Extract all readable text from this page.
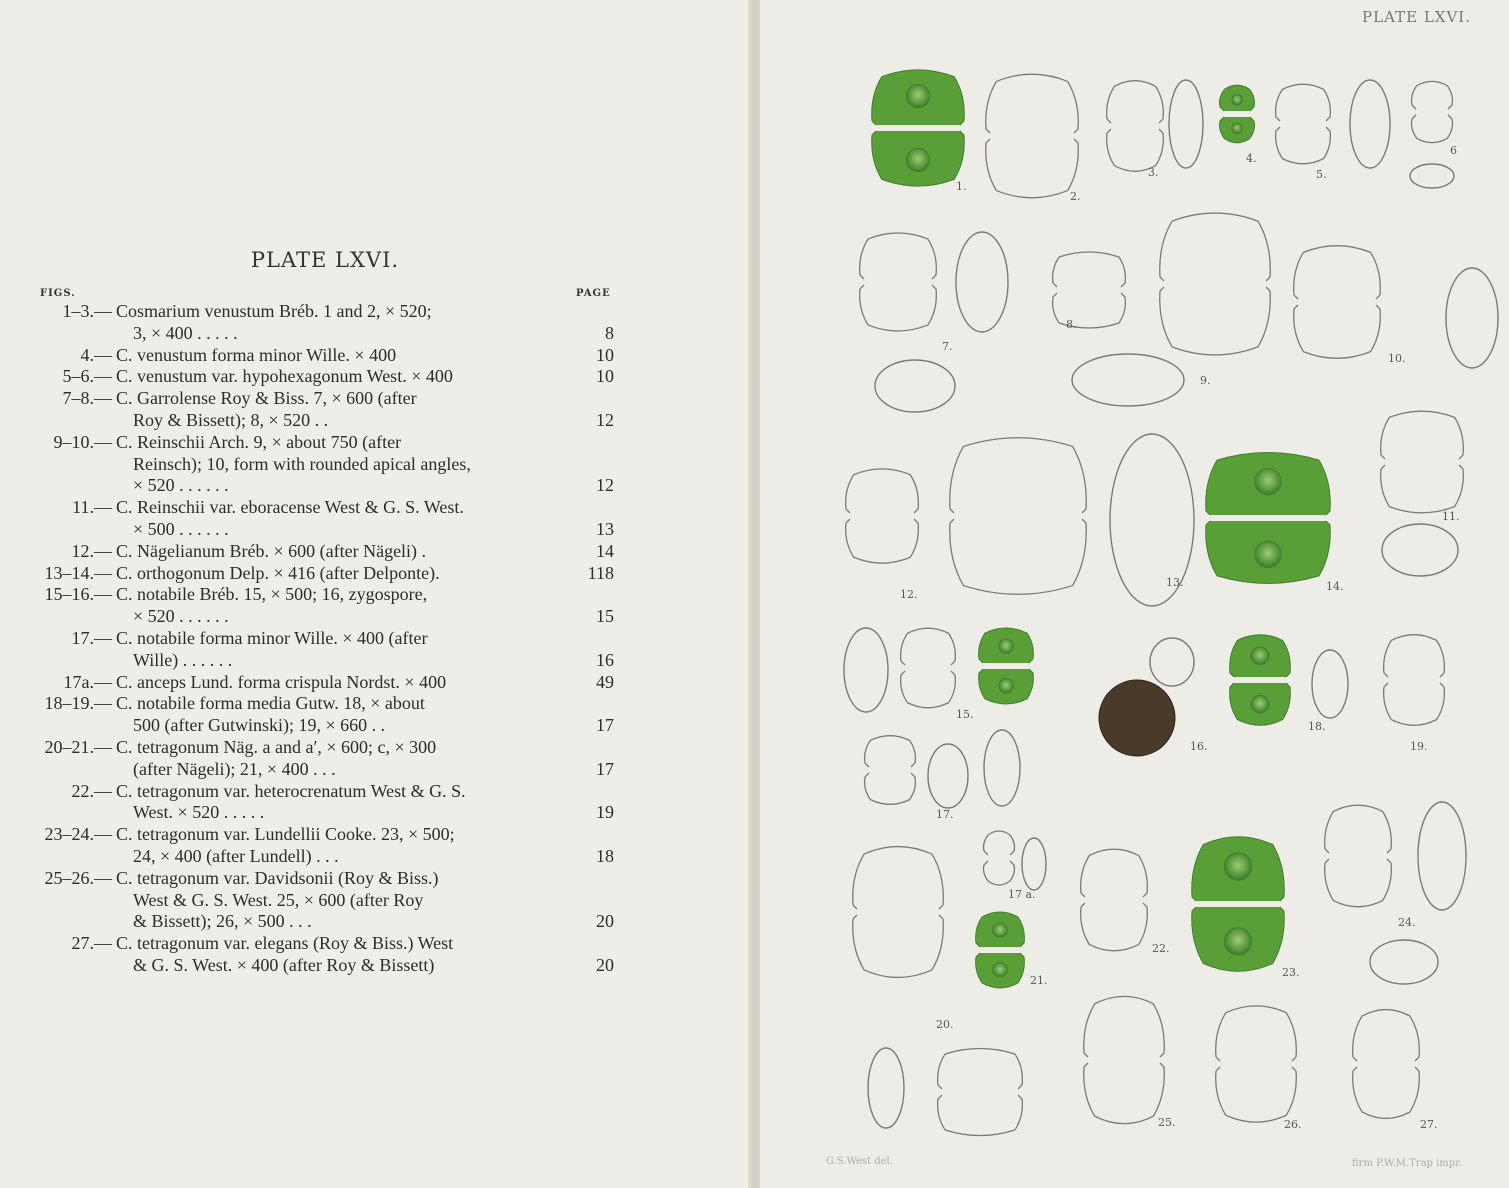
PLATE LXVI.
FIGS.	PAGE
1–3.— Cosmarium venustum Bréb. 1 and 2, × 520;
3, × 400 . . . . .	8
4.— C. venustum forma minor Wille. × 400	10
5–6.— C. venustum var. hypohexagonum West. × 400	10
7–8.— C. Garrolense Roy & Biss. 7, × 600 (after
Roy & Bissett); 8, × 520 . .	12
9–10.— C. Reinschii Arch. 9, × about 750 (after
Reinsch); 10, form with rounded apical angles,
× 520 . . . . . .	12
11.— C. Reinschii var. eboracense West & G. S. West.
× 500 . . . . . .	13
12.— C. Nägelianum Bréb. × 600 (after Nägeli) .	14
13–14.— C. orthogonum Delp. × 416 (after Delponte).	118
15–16.— C. notabile Bréb. 15, × 500; 16, zygospore,
× 520 . . . . . .	15
17.— C. notabile forma minor Wille. × 400 (after
Wille) . . . . . .	16
17a.— C. anceps Lund. forma crispula Nordst. × 400	49
18–19.— C. notabile forma media Gutw. 18, × about
500 (after Gutwinski); 19, × 660 . .	17
20–21.— C. tetragonum Näg. a and a′, × 600; c, × 300
(after Nägeli); 21, × 400 . . .	17
22.— C. tetragonum var. heterocrenatum West & G. S.
West. × 520 . . . . .	19
23–24.— C. tetragonum var. Lundellii Cooke. 23, × 500;
24, × 400 (after Lundell) . . .	18
25–26.— C. tetragonum var. Davidsonii (Roy & Biss.)
West & G. S. West. 25, × 600 (after Roy
& Bissett); 26, × 500 . . .	20
27.— C. tetragonum var. elegans (Roy & Biss.) West
& G. S. West. × 400 (after Roy & Bissett)	20
PLATE LXVI.
G.S.West del.	firm P.W.M.Trap impr.
1.
2.
3.
4.
5.
6
7.
8.
9.
10.
12.
13.	14.
11.
15.
16.
18.
19.
17.
17 a.
21.
22.
23.
24.
20.
25.	26.	27.
